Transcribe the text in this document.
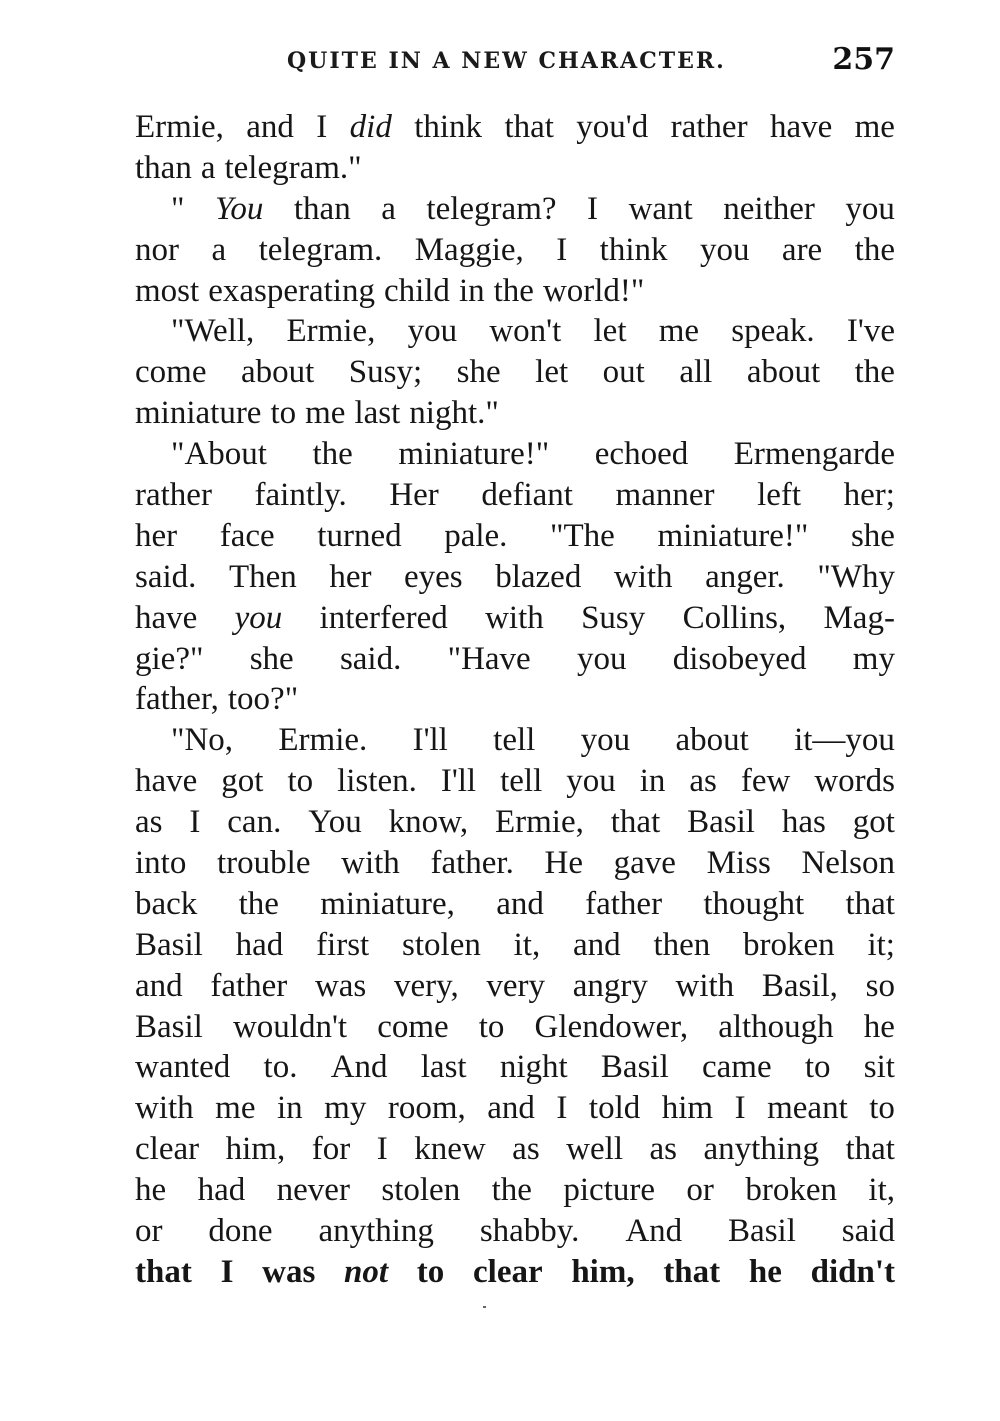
QUITE IN A NEW CHARACTER.	257
Ermie, and I did think that you'd rather have me
than a telegram."
" You than a telegram? I want neither you
nor a telegram. Maggie, I think you are the
most exasperating child in the world!"
"Well, Ermie, you won't let me speak. I've
come about Susy; she let out all about the
miniature to me last night."
"About the miniature!" echoed Ermengarde
rather faintly. Her defiant manner left her;
her face turned pale. "The miniature!" she
said. Then her eyes blazed with anger. "Why
have you interfered with Susy Collins, Mag-
gie?" she said. "Have you disobeyed my
father, too?"
"No, Ermie. I'll tell you about it—you
have got to listen. I'll tell you in as few words
as I can. You know, Ermie, that Basil has got
into trouble with father. He gave Miss Nelson
back the miniature, and father thought that
Basil had first stolen it, and then broken it;
and father was very, very angry with Basil, so
Basil wouldn't come to Glendower, although he
wanted to. And last night Basil came to sit
with me in my room, and I told him I meant to
clear him, for I knew as well as anything that
he had never stolen the picture or broken it,
or done anything shabby. And Basil said
that I was not to clear him, that he didn't
